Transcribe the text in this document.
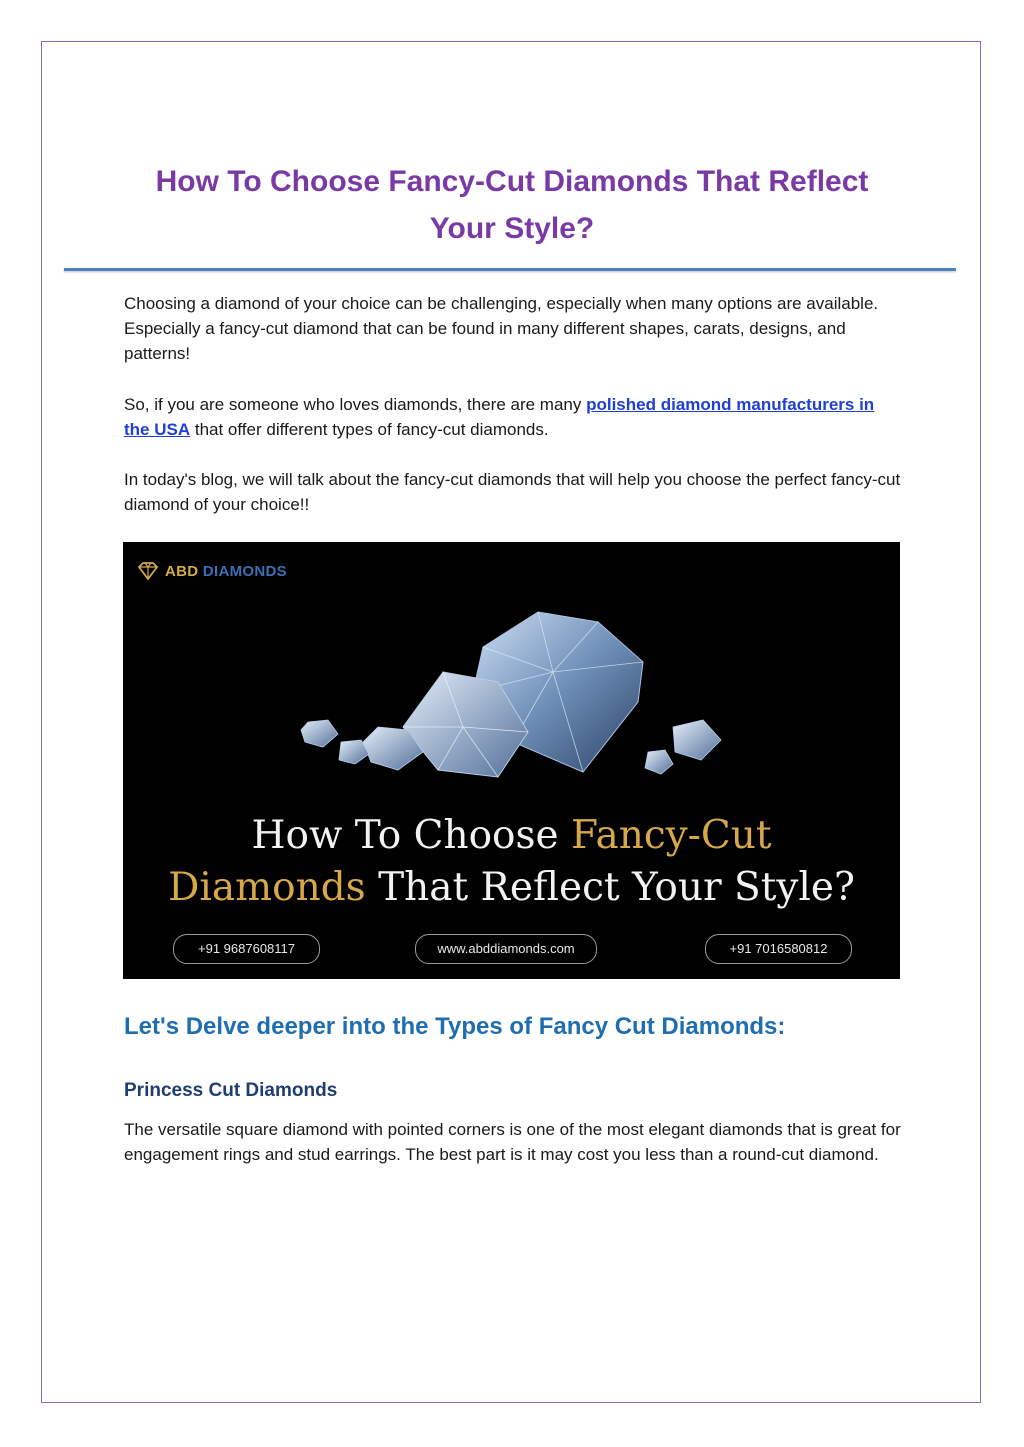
How To Choose Fancy-Cut Diamonds That Reflect
Your Style?

Choosing a diamond of your choice can be challenging, especially when many options are available. Especially a fancy-cut diamond that can be found in many different shapes, carats, designs, and patterns!

So, if you are someone who loves diamonds, there are many polished diamond manufacturers in the USA that offer different types of fancy-cut diamonds.

In today's blog, we will talk about the fancy-cut diamonds that will help you choose the perfect fancy-cut diamond of your choice!!

ABD DIAMONDS
How To Choose Fancy-Cut
Diamonds That Reflect Your Style?
+91 9687608117	www.abddiamonds.com	+91 7016580812
Let's Delve deeper into the Types of Fancy Cut Diamonds:
Princess Cut Diamonds

The versatile square diamond with pointed corners is one of the most elegant diamonds that is great for engagement rings and stud earrings. The best part is it may cost you less than a round-cut diamond.
